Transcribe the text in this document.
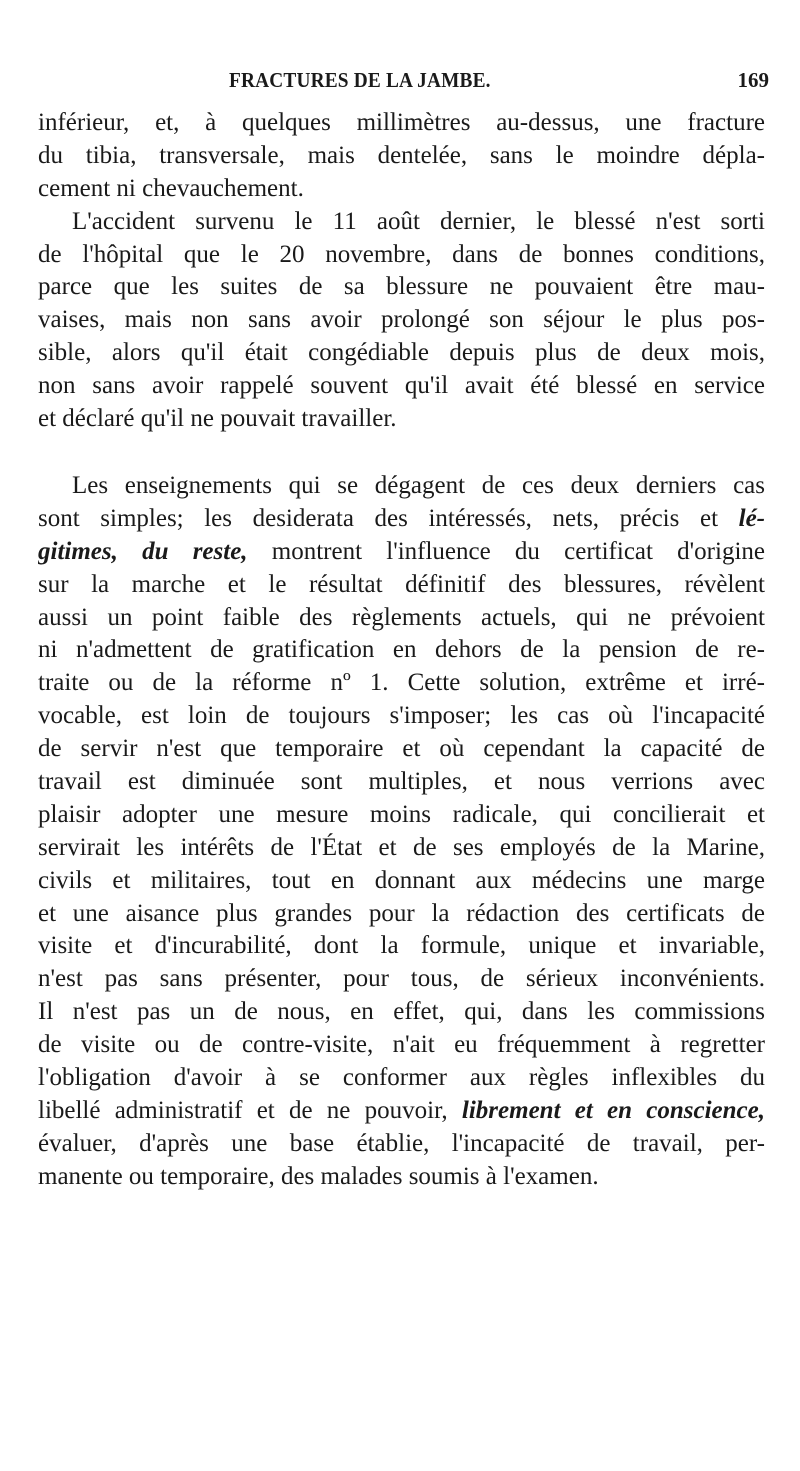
FRACTURES DE LA JAMBE.	169
inférieur, et, à quelques millimètres au-dessus, une fracture
du tibia, transversale, mais dentelée, sans le moindre dépla-
cement ni chevauchement.
L'accident survenu le 11 août dernier, le blessé n'est sorti
de l'hôpital que le 20 novembre, dans de bonnes conditions,
parce que les suites de sa blessure ne pouvaient être mau-
vaises, mais non sans avoir prolongé son séjour le plus pos-
sible, alors qu'il était congédiable depuis plus de deux mois,
non sans avoir rappelé souvent qu'il avait été blessé en service
et déclaré qu'il ne pouvait travailler.
Les enseignements qui se dégagent de ces deux derniers cas
sont simples; les desiderata des intéressés, nets, précis et lé-
gitimes, du reste, montrent l'influence du certificat d'origine
sur la marche et le résultat définitif des blessures, révèlent
aussi un point faible des règlements actuels, qui ne prévoient
ni n'admettent de gratification en dehors de la pension de re-
traite ou de la réforme nº 1. Cette solution, extrême et irré-
vocable, est loin de toujours s'imposer; les cas où l'incapacité
de servir n'est que temporaire et où cependant la capacité de
travail est diminuée sont multiples, et nous verrions avec
plaisir adopter une mesure moins radicale, qui concilierait et
servirait les intérêts de l'État et de ses employés de la Marine,
civils et militaires, tout en donnant aux médecins une marge
et une aisance plus grandes pour la rédaction des certificats de
visite et d'incurabilité, dont la formule, unique et invariable,
n'est pas sans présenter, pour tous, de sérieux inconvénients.
Il n'est pas un de nous, en effet, qui, dans les commissions
de visite ou de contre-visite, n'ait eu fréquemment à regretter
l'obligation d'avoir à se conformer aux règles inflexibles du
libellé administratif et de ne pouvoir, librement et en conscience,
évaluer, d'après une base établie, l'incapacité de travail, per-
manente ou temporaire, des malades soumis à l'examen.
